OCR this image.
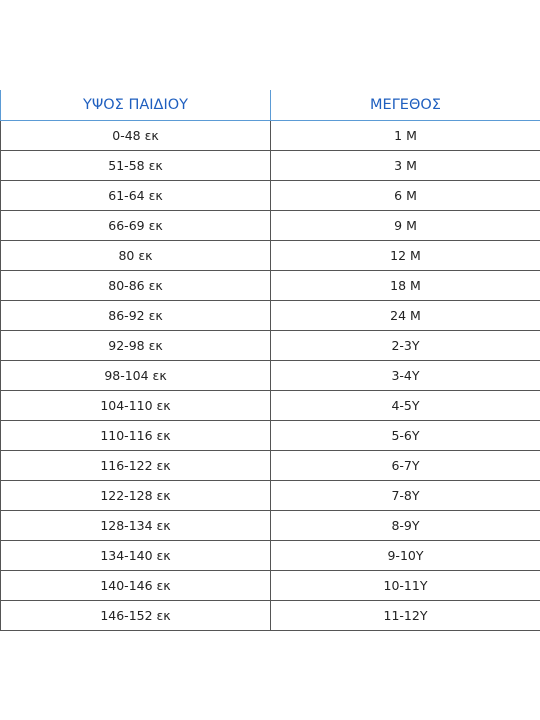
ΥΨΟΣ ΠΑΙΔΙΟΥ	ΜΕΓΕΘΟΣ
0-48 εκ	1 Μ
51-58 εκ	3 Μ
61-64 εκ	6 Μ
66-69 εκ	9 Μ
80 εκ	12 Μ
80-86 εκ	18 Μ
86-92 εκ	24 Μ
92-98 εκ	2-3Υ
98-104 εκ	3-4Υ
104-110 εκ	4-5Υ
110-116 εκ	5-6Υ
116-122 εκ	6-7Υ
122-128 εκ	7-8Υ
128-134 εκ	8-9Υ
134-140 εκ	9-10Υ
140-146 εκ	10-11Υ
146-152 εκ	11-12Υ
